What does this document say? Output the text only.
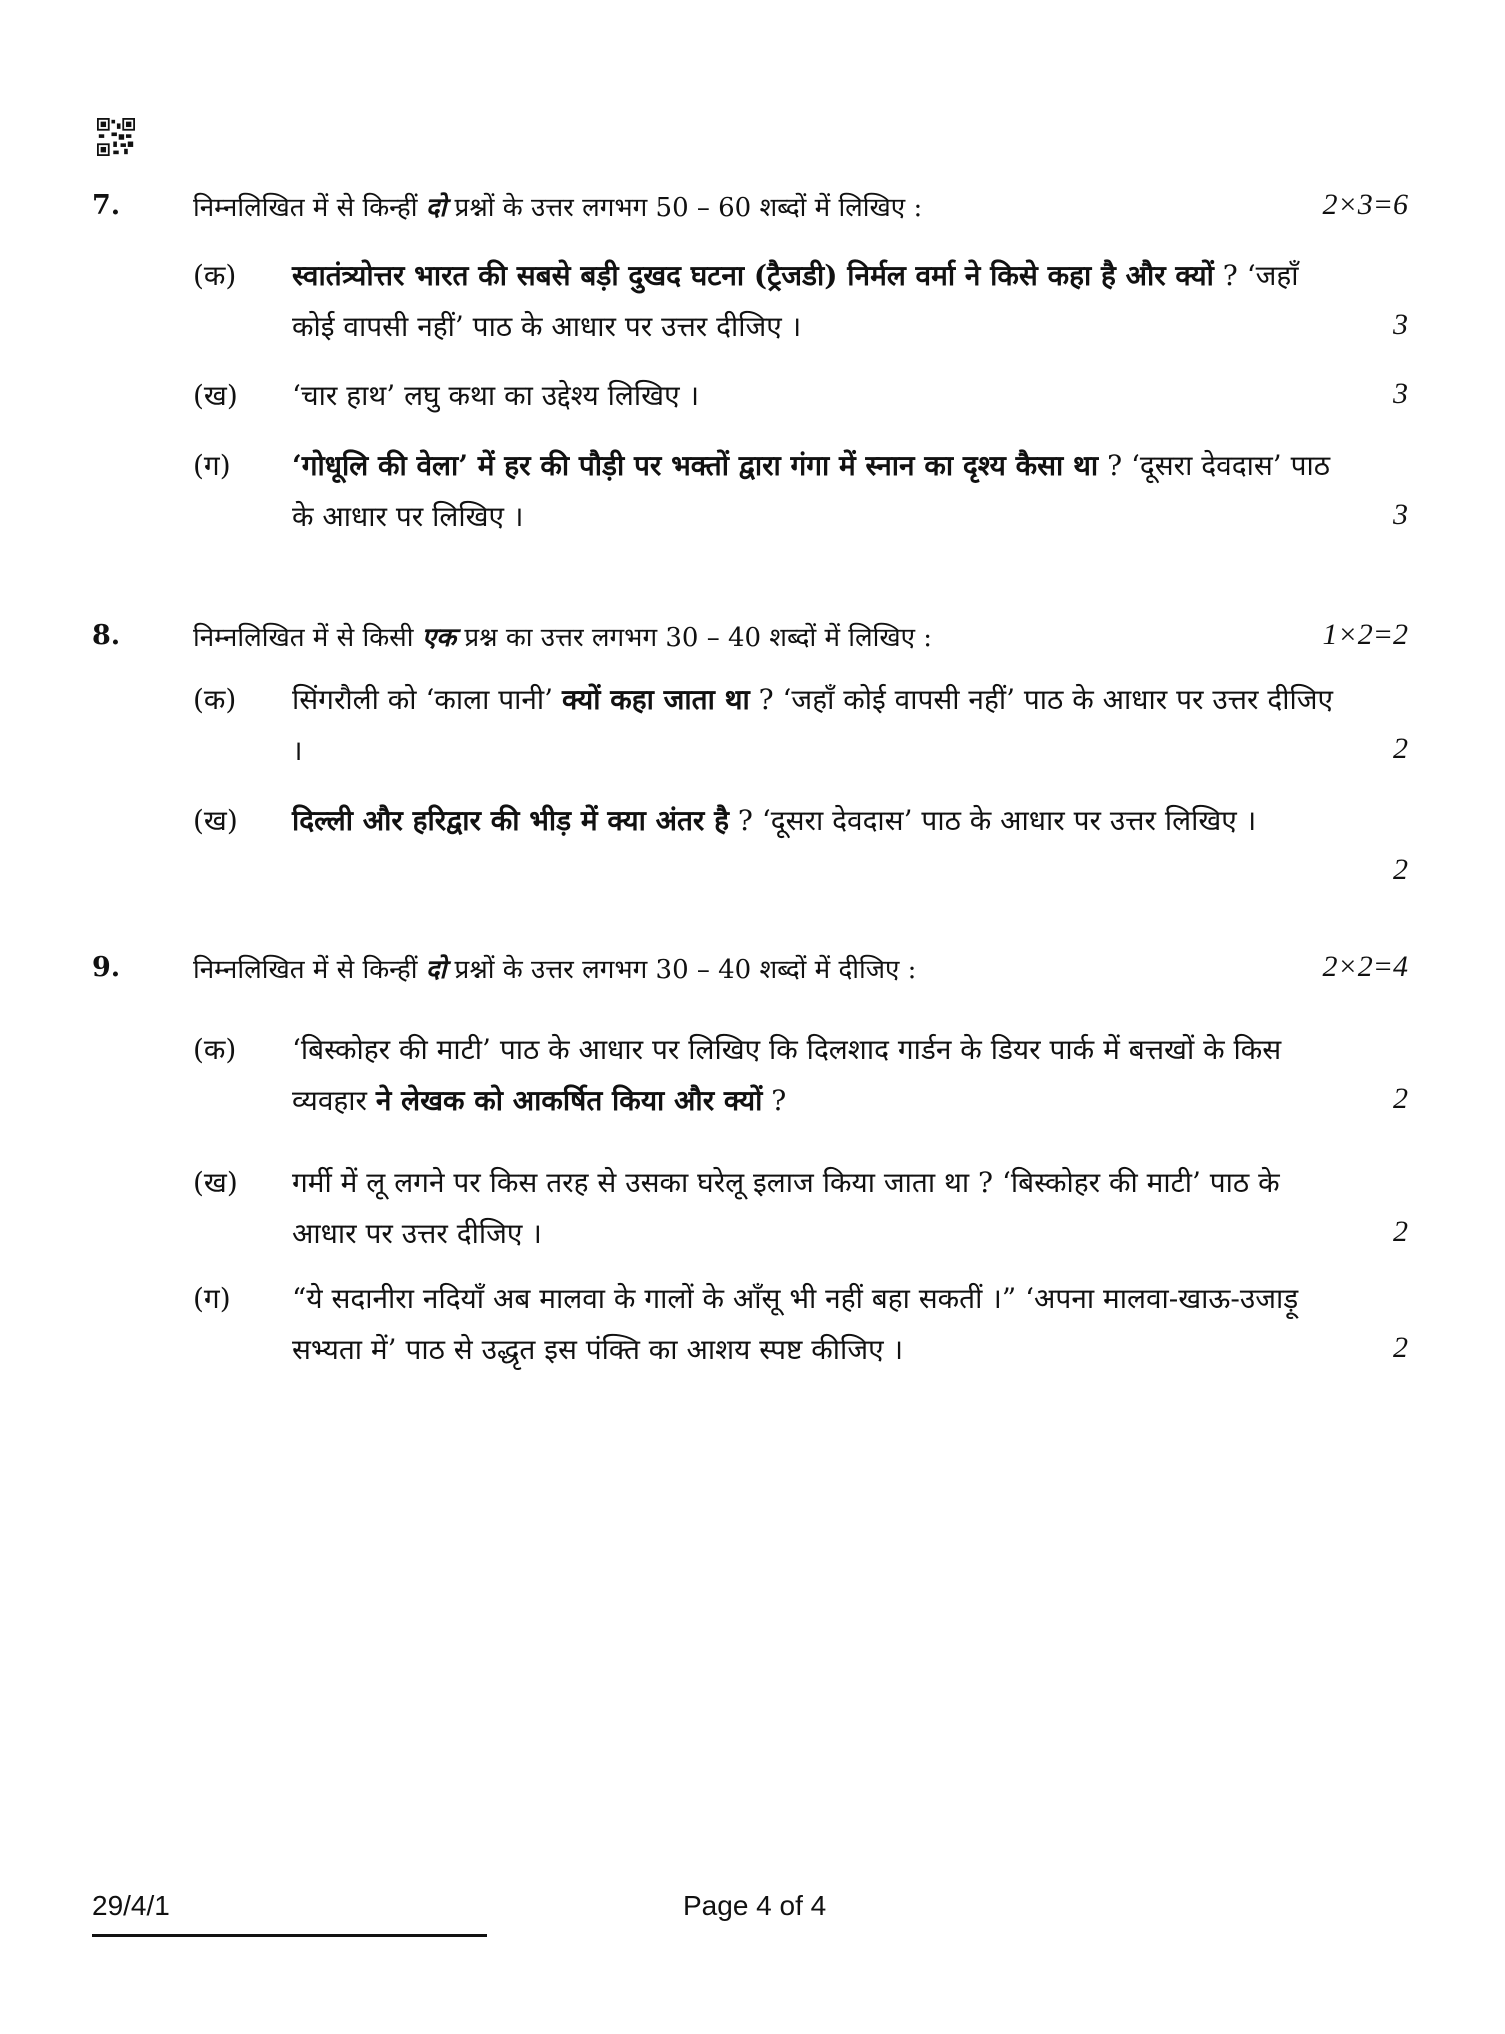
7.	निम्नलिखित में से किन्हीं दो प्रश्नों के उत्तर लगभग 50 – 60 शब्दों में लिखिए :	2×3=6
(क) स्वातंत्र्योत्तर भारत की सबसे बड़ी दुखद घटना (ट्रैजडी) निर्मल वर्मा ने किसे कहा है और क्यों ? ‘जहाँ कोई वापसी नहीं’ पाठ के आधार पर उत्तर दीजिए ।	3
(ख) ‘चार हाथ’ लघु कथा का उद्देश्य लिखिए ।	3
(ग) ‘गोधूलि की वेला’ में हर की पौड़ी पर भक्तों द्वारा गंगा में स्नान का दृश्य कैसा था ? ‘दूसरा देवदास’ पाठ के आधार पर लिखिए ।	3
8.	निम्नलिखित में से किसी एक प्रश्न का उत्तर लगभग 30 – 40 शब्दों में लिखिए :	1×2=2
(क) सिंगरौली को ‘काला पानी’ क्यों कहा जाता था ? ‘जहाँ कोई वापसी नहीं’ पाठ के आधार पर उत्तर दीजिए ।	2
(ख) दिल्ली और हरिद्वार की भीड़ में क्या अंतर है ? ‘दूसरा देवदास’ पाठ के आधार पर उत्तर लिखिए ।
2
9.	निम्नलिखित में से किन्हीं दो प्रश्नों के उत्तर लगभग 30 – 40 शब्दों में दीजिए :	2×2=4
(क) ‘बिस्कोहर की माटी’ पाठ के आधार पर लिखिए कि दिलशाद गार्डन के डियर पार्क में बत्तखों के किस व्यवहार ने लेखक को आकर्षित किया और क्यों ?	2
(ख) गर्मी में लू लगने पर किस तरह से उसका घरेलू इलाज किया जाता था ? ‘बिस्कोहर की माटी’ पाठ के आधार पर उत्तर दीजिए ।	2
(ग) “ये सदानीरा नदियाँ अब मालवा के गालों के आँसू भी नहीं बहा सकतीं ।” ‘अपना मालवा-खाऊ-उजाड़ू सभ्यता में’ पाठ से उद्धृत इस पंक्ति का आशय स्पष्ट कीजिए ।	2
29/4/1	Page 4 of 4
